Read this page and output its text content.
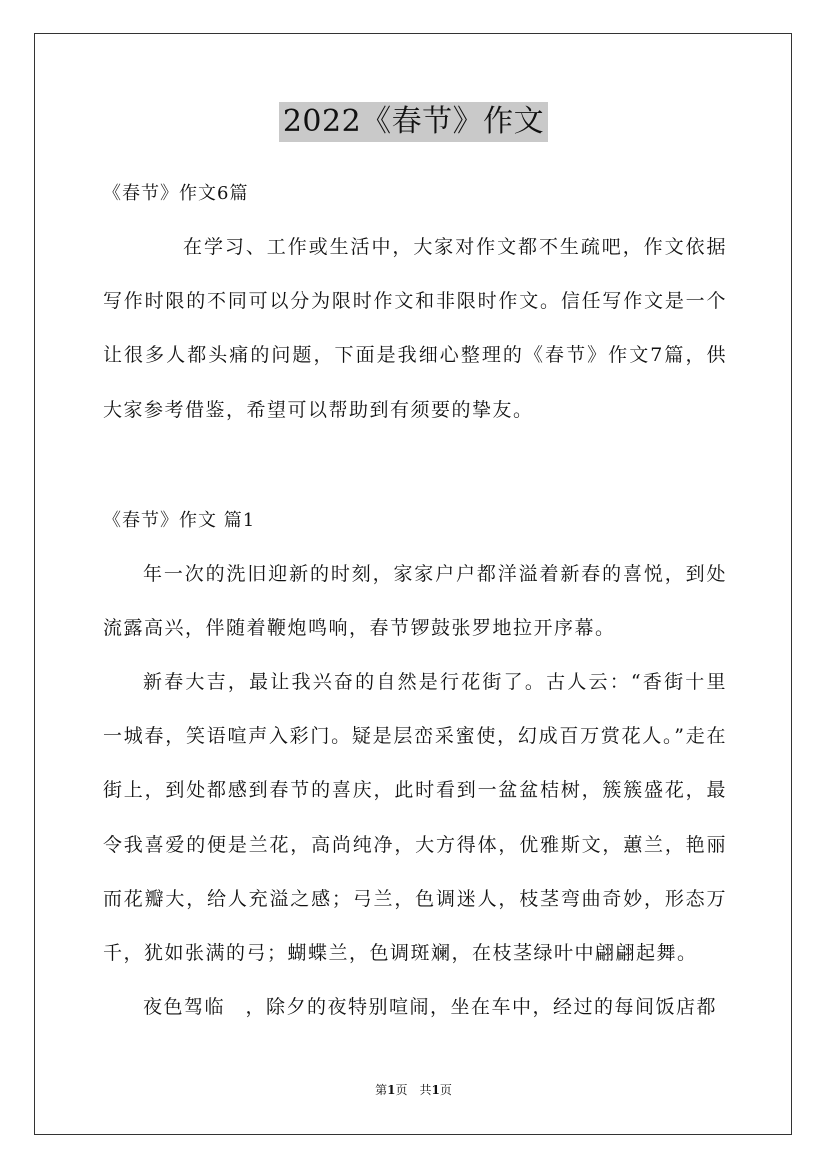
2022《春节》作文
《春节》作文6篇

在学习、工作或生活中，大家对作文都不生疏吧，作文依据写作时限的不同可以分为限时作文和非限时作文。信任写作文是一个让很多人都头痛的问题，下面是我细心整理的《春节》作文7篇，供大家参考借鉴，希望可以帮助到有须要的挚友。

《春节》作文 篇1

年一次的洗旧迎新的时刻，家家户户都洋溢着新春的喜悦，到处流露高兴，伴随着鞭炮鸣响，春节锣鼓张罗地拉开序幕。

新春大吉，最让我兴奋的自然是行花街了。古人云：“香街十里一城春，笑语喧声入彩门。疑是层峦采蜜使，幻成百万赏花人。”走在街上，到处都感到春节的喜庆，此时看到一盆盆桔树，簇簇盛花，最令我喜爱的便是兰花，高尚纯净，大方得体，优雅斯文，蕙兰，艳丽而花瓣大，给人充溢之感；弓兰，色调迷人，枝茎弯曲奇妙，形态万千，犹如张满的弓；蝴蝶兰，色调斑斓，在枝茎绿叶中翩翩起舞。

夜色驾临　，除夕的夜特别喧闹，坐在车中，经过的每间饭店都

第1页　共1页
